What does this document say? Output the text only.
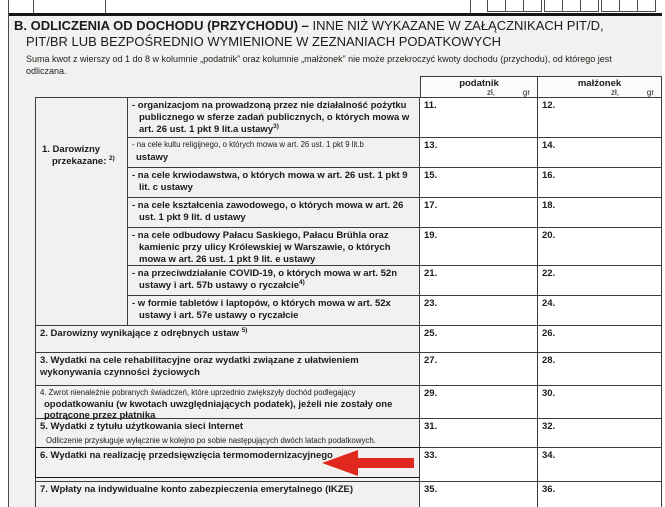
B. ODLICZENIA OD DOCHODU (PRZYCHODU) – INNE NIŻ WYKAZANE W ZAŁĄCZNIKACH PIT/D,
PIT/BR LUB BEZPOŚREDNIO WYMIENIONE W ZEZNANIACH PODATKOWYCH
Suma kwot z wierszy od 1 do 8 w kolumnie „podatnik” oraz kolumnie „małżonek” nie może przekroczyć kwoty dochodu (przychodu), od którego jest odliczana.
podatnik
zł,	gr
małżonek
zł,	gr

1. Darowizny przekazane: $^{2)}$

- organizacjom na prowadzoną przez nie działalność pożytku publicznego w sferze zadań publicznych, o których mowa w art. 26 ust. 1 pkt 9 lit.a ustawy$^{3)}$

11.	12.

- na cele kultu religijnego, o których mowa w art. 26 ust. 1 pkt 9 lit.b

ustawy

13.	14.

- na cele krwiodawstwa, o których mowa w art. 26 ust. 1 pkt 9 lit. c ustawy

15.	16.

- na cele kształcenia zawodowego, o których mowa w art. 26 ust. 1 pkt 9 lit. d ustawy

17.	18.

- na cele odbudowy Pałacu Saskiego, Pałacu Brühla oraz kamienic przy ulicy Królewskiej w Warszawie, o których mowa w art. 26 ust. 1 pkt 9 lit. e ustawy

19.	20.

- na przeciwdziałanie COVID-19, o których mowa w art. 52n ustawy i art. 57b ustawy o ryczałcie$^{4)}$

21.	22.

- w formie tabletów i laptopów, o których mowa w art. 52x ustawy i art. 57e ustawy o ryczałcie

23.	24.

2. Darowizny wynikające z odrębnych ustaw $^{5)}$	25.	26.

3. Wydatki na cele rehabilitacyjne oraz wydatki związane z ułatwieniem wykonywania czynności życiowych

27.	28.

4. Zwrot nienależnie pobranych świadczeń, które uprzednio zwiększyły dochód podlegający

opodatkowaniu (w kwotach uwzględniających podatek), jeżeli nie zostały one potrącone przez płatnika

29.	30.

5. Wydatki z tytułu użytkowania sieci Internet

Odliczenie przysługuje wyłącznie w kolejno po sobie następujących dwóch latach podatkowych.

31.	32.

6. Wydatki na realizację przedsięwzięcia termomodernizacyjnego	33.	34.

7. Wpłaty na indywidualne konto zabezpieczenia emerytalnego (IKZE)	35.	36.
